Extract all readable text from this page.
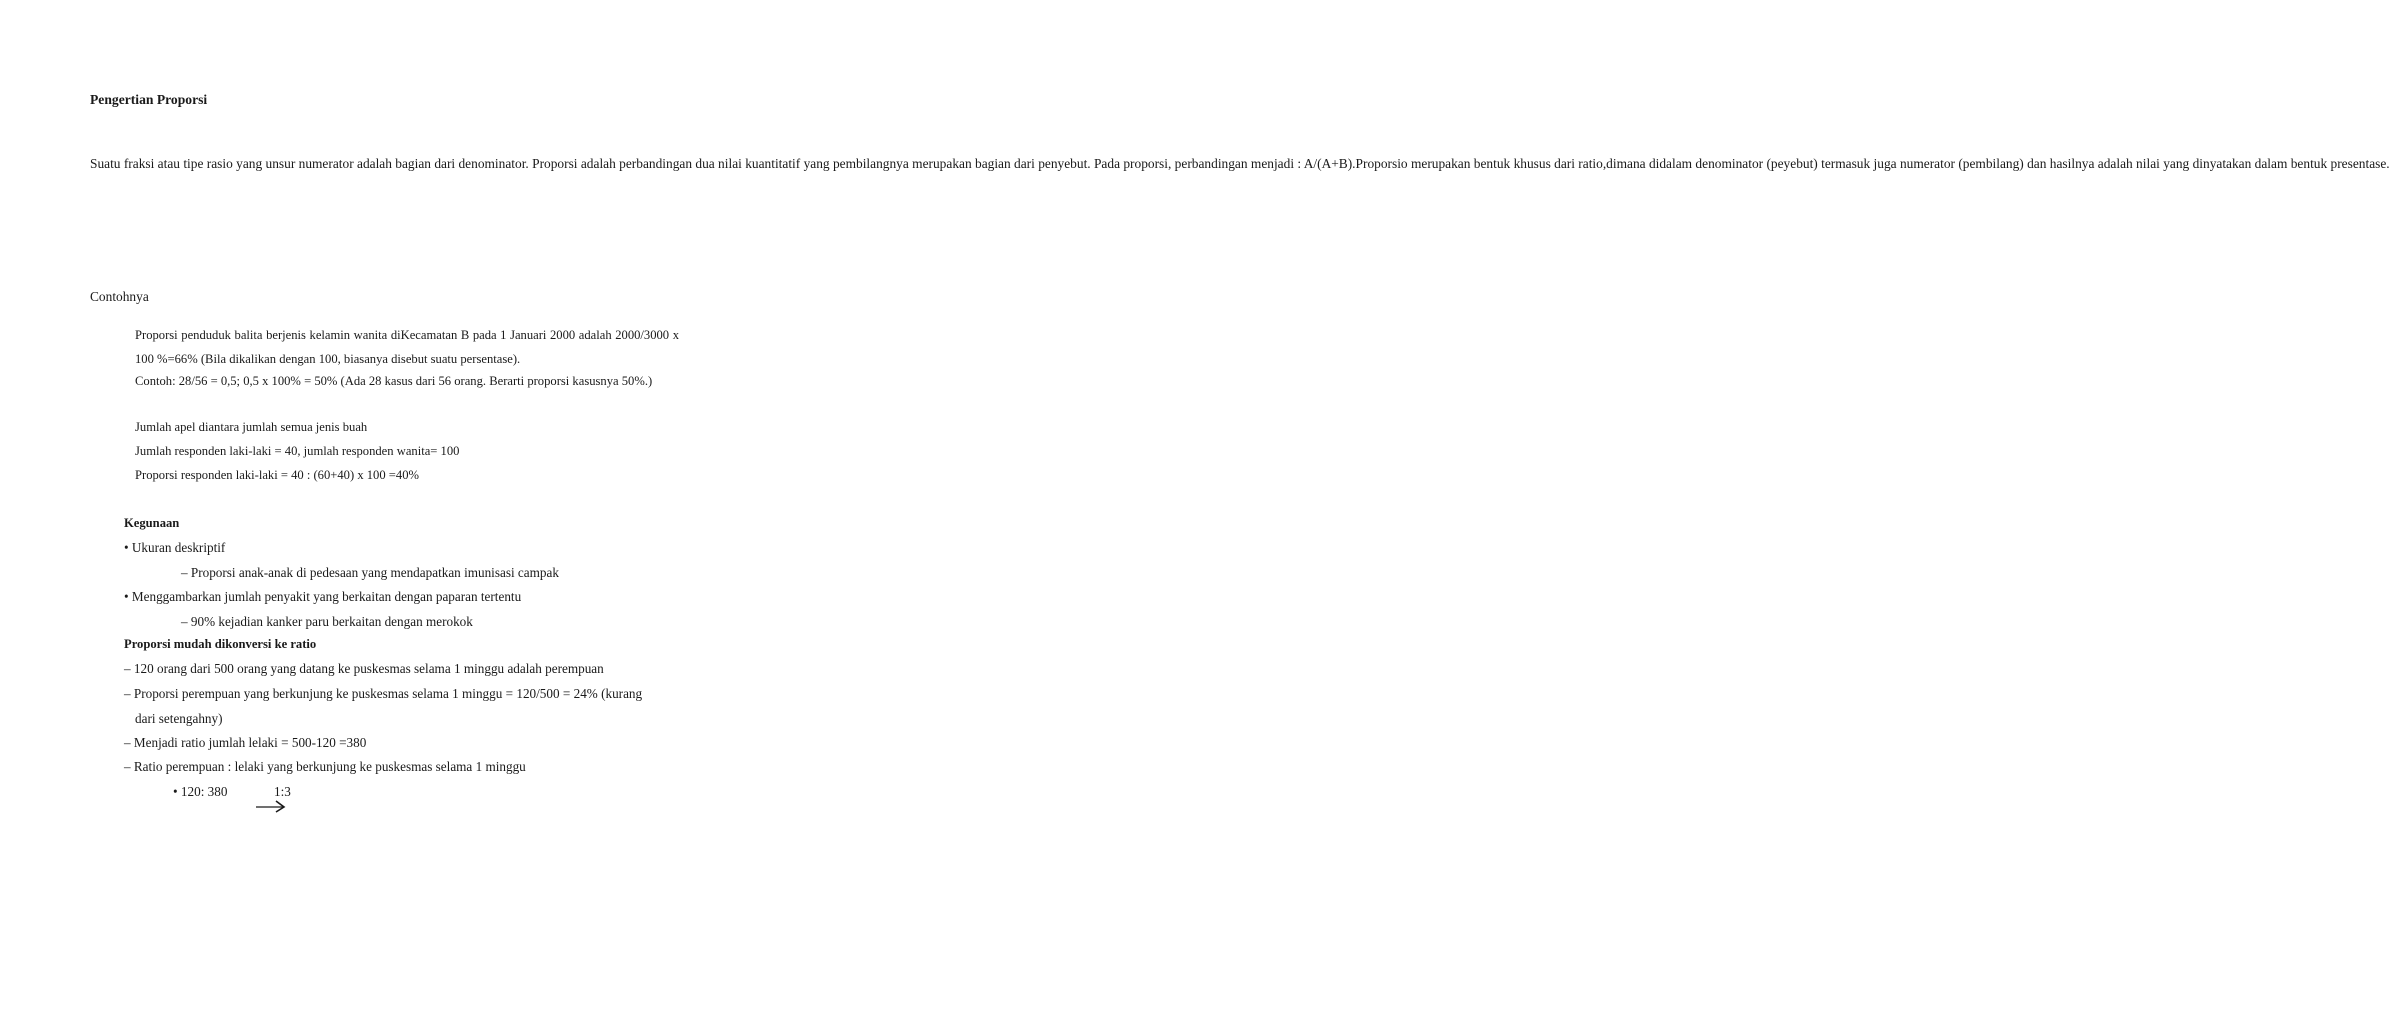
Pengertian Proporsi

Suatu fraksi atau tipe rasio yang unsur numerator adalah bagian dari denominator. Proporsi adalah perbandingan dua nilai kuantitatif yang pembilangnya merupakan bagian dari penyebut. Pada proporsi, perbandingan menjadi : A/(A+B).Proporsio merupakan bentuk khusus dari ratio,dimana didalam denominator (peyebut) termasuk juga numerator (pembilang) dan hasilnya adalah nilai yang dinyatakan dalam bentuk presentase.

Contohnya
Proporsi penduduk balita berjenis kelamin wanita diKecamatan B pada 1 Januari 2000 adalah 2000/3000 x 100 %=66% (Bila dikalikan dengan 100, biasanya disebut suatu persentase).
Contoh: 28/56 = 0,5; 0,5 x 100% = 50% (Ada 28 kasus dari 56 orang. Berarti proporsi kasusnya 50%.)
Jumlah apel diantara jumlah semua jenis buah
Jumlah responden laki-laki = 40, jumlah responden wanita= 100
Proporsi responden laki-laki = 40 : (60+40) x 100 =40%
Kegunaan
• Ukuran deskriptif
– Proporsi anak-anak di pedesaan yang mendapatkan imunisasi campak
• Menggambarkan jumlah penyakit yang berkaitan dengan paparan tertentu
– 90% kejadian kanker paru berkaitan dengan merokok
Proporsi mudah dikonversi ke ratio
– 120 orang dari 500 orang yang datang ke puskesmas selama 1 minggu adalah perempuan
– Proporsi perempuan yang berkunjung ke puskesmas selama 1 minggu = 120/500 = 24% (kurang
dari setengahny)
– Menjadi ratio jumlah lelaki = 500-120 =380
– Ratio perempuan : lelaki yang berkunjung ke puskesmas selama 1 minggu
• 120: 380	1:3
